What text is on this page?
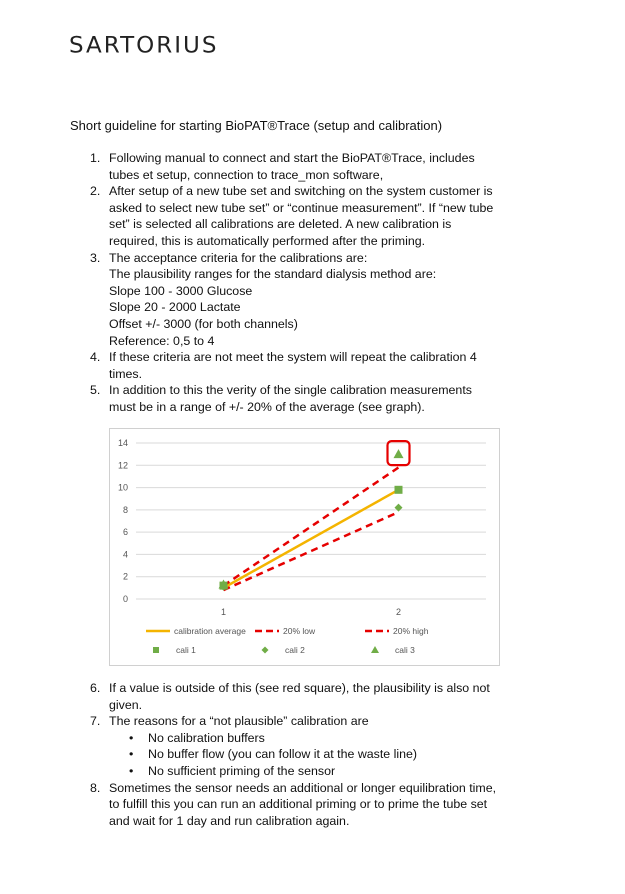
SARTORIUS
Short guideline for starting BioPAT®Trace (setup and calibration)
1. Following manual to connect and start the BioPAT®Trace, includes
tubes et setup, connection to trace_mon software,
2. After setup of a new tube set and switching on the system customer is
asked to select new tube set” or “continue measurement”. If “new tube
set” is selected all calibrations are deleted. A new calibration is
required, this is automatically performed after the priming.
3. The acceptance criteria for the calibrations are:
The plausibility ranges for the standard dialysis method are:
Slope 100 - 3000 Glucose
Slope 20 - 2000 Lactate
Offset +/- 3000 (for both channels)
Reference: 0,5 to 4
4. If these criteria are not meet the system will repeat the calibration 4
times.
5. In addition to this the verity of the single calibration measurements
must be in a range of +/- 20% of the average (see graph).
0
2
4
6
8
10
12
14
1	2
calibration average	20% low	20% high
cali 1	cali 2	cali 3
6. If a value is outside of this (see red square), the plausibility is also not
given.
7. The reasons for a “not plausible” calibration are
• No calibration buffers
• No buffer flow (you can follow it at the waste line)
• No sufficient priming of the sensor
8. Sometimes the sensor needs an additional or longer equilibration time,
to fulfill this you can run an additional priming or to prime the tube set
and wait for 1 day and run calibration again.
